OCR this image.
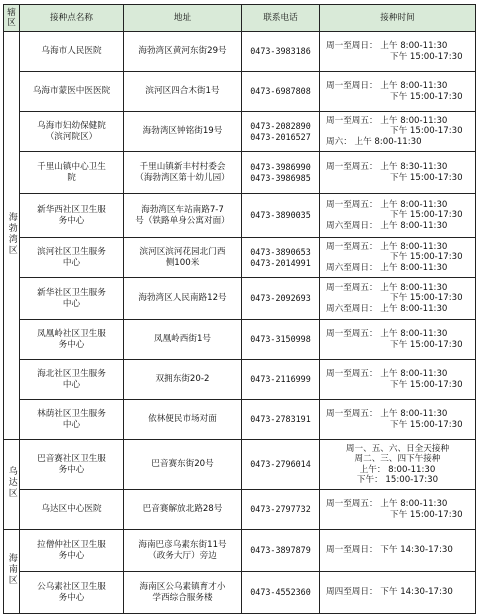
辖区	接种点名称	地址	联系电话	接种时间
海勃湾区	乌海市人民医院	海勃湾区黄河东街29号	0473-3983186	周一至周日： 上午 8:00-11:30
下午 15:00-17:30

	乌海市蒙医中医医院	滨河区四合木街1号	0473-6987808	周一至周日： 上午 8:00-11:30
下午 15:00-17:30

	乌海市妇幼保健院
（滨河院区）	海勃湾区钟铭街19号	0473-2082890
0473-2016527	周一至周五： 上午 8:00-11:30
下午 15:00-17:30
周六： 上午 8:00-11:30

	千里山镇中心卫生
院	千里山镇新丰村村委会
（海勃湾区第十幼儿园）	0473-3986990
0473-3986985	周一至周五： 上午 8:30-11:30
下午 15:00-17:30

	新华西社区卫生服
务中心	海勃湾区车站南路7-7
号（铁路单身公寓对面）	0473-3890035	周一至周五： 上午 8:00-11:30
下午 15:00-17:30
周六至周日： 上午 8:00-11:30

	滨河社区卫生服务
中心	滨河区滨河花园北门西
侧100米	0473-3890653
0473-2014991	周一至周五： 上午 8:00-11:30
下午 15:00-17:30
周六至周日： 上午 8:00-11:30

	新华社区卫生服务
中心	海勃湾区人民南路12号	0473-2092693	周一至周五： 上午 8:00-11:30
下午 15:00-17:30
周六至周日： 上午 8:00-11:30

	凤凰岭社区卫生服
务中心	凤凰岭西街1号	0473-3150998	周一至周五： 上午 8:00-11:30
下午 15:00-17:30

	海北社区卫生服务
中心	双拥东街20-2	0473-2116999	周一至周五： 上午 8:00-11:30
下午 15:00-17:30

	林荫社区卫生服务
中心	依林便民市场对面	0473-2783191	周一至周五： 上午 8:00-11:30
下午 15:00-17:30

乌达区	巴音赛社区卫生服
务中心	巴音赛东街20号	0473-2796014	周一、五、六、日全天接种
周二、三、四下午接种
上午： 8:00-11:30
下午： 15:00-17:30

	乌达区中心医院	巴音赛解放北路28号	0473-2797732	周一至周五： 上午 8:00-11:30
下午 15:00-17:30

海南区	拉僧仲社区卫生服
务中心	海南巴彦乌素东街11号
（政务大厅）旁边	0473-3897879	周一至周日： 下午 14:30-17:30

	公乌素社区卫生服
务中心	海南区公乌素镇育才小
学西综合服务楼	0473-4552360	周四至周日： 下午 14:30-17:30
